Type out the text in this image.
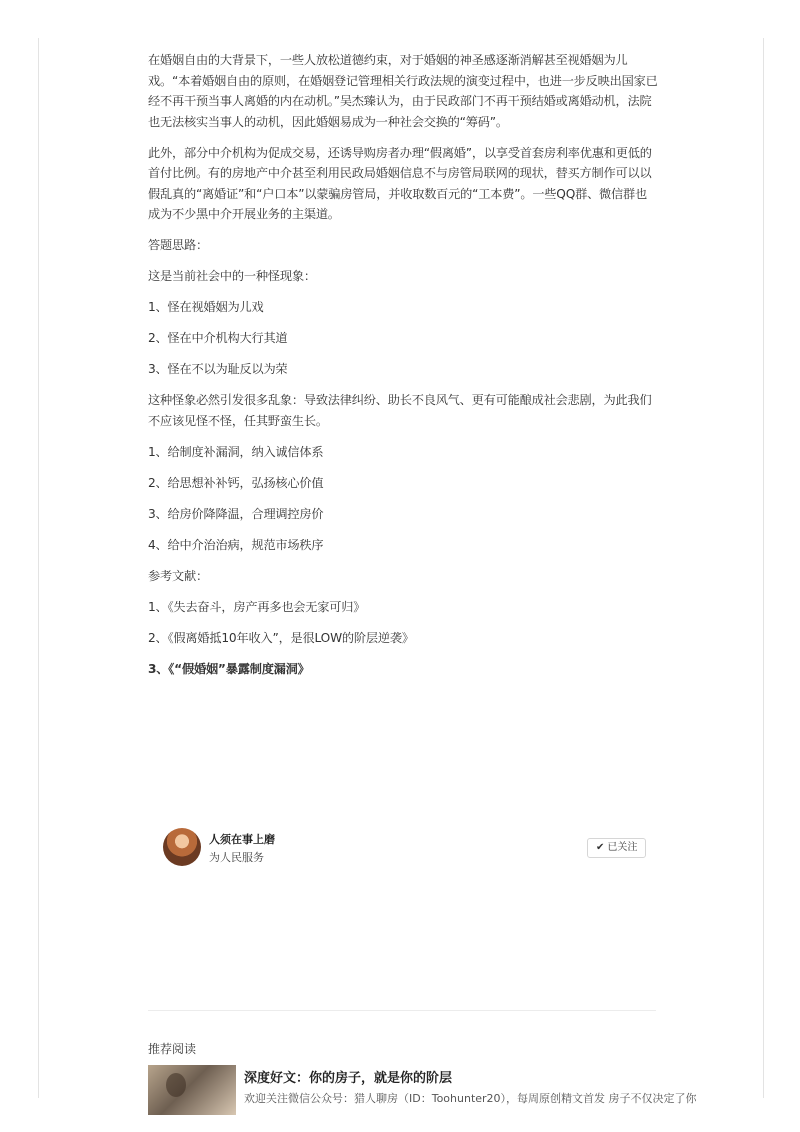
在婚姻自由的大背景下，一些人放松道德约束，对于婚姻的神圣感逐渐消解甚至视婚姻为儿戏。“本着婚姻自由的原则，在婚姻登记管理相关行政法规的演变过程中，也进一步反映出国家已经不再干预当事人离婚的内在动机。”吴杰臻认为，由于民政部门不再干预结婚或离婚动机，法院也无法核实当事人的动机，因此婚姻易成为一种社会交换的“筹码”。

此外，部分中介机构为促成交易，还诱导购房者办理“假离婚”，以享受首套房利率优惠和更低的首付比例。有的房地产中介甚至利用民政局婚姻信息不与房管局联网的现状，替买方制作可以以假乱真的“离婚证”和“户口本”以蒙骗房管局，并收取数百元的“工本费”。一些QQ群、微信群也成为不少黑中介开展业务的主渠道。

答题思路：

这是当前社会中的一种怪现象：

1、怪在视婚姻为儿戏

2、怪在中介机构大行其道

3、怪在不以为耻反以为荣

这种怪象必然引发很多乱象：导致法律纠纷、助长不良风气、更有可能酿成社会悲剧，为此我们不应该见怪不怪，任其野蛮生长。

1、给制度补漏洞，纳入诚信体系

2、给思想补补钙，弘扬核心价值

3、给房价降降温，合理调控房价

4、给中介治治病，规范市场秩序

参考文献：

1、《失去奋斗，房产再多也会无家可归》

2、《假离婚抵10年收入”，是很LOW的阶层逆袭》

3、《“假婚姻”暴露制度漏洞》

人须在事上磨
为人民服务
✔ 已关注
推荐阅读
深度好文：你的房子，就是你的阶层
欢迎关注微信公众号：猎人聊房（ID：Toohunter20），每周原创精文首发 房子不仅决定了你
